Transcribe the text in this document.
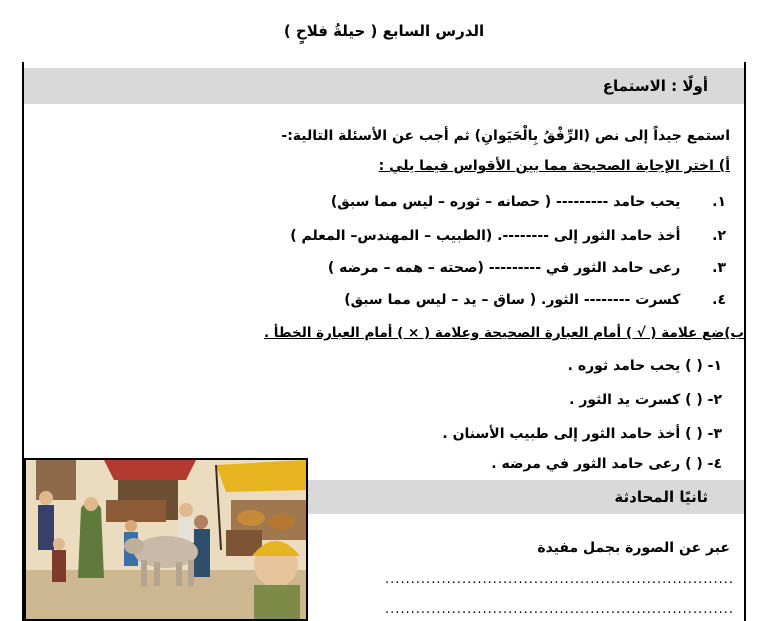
الدرس السابع ( حيلةُ فلاحٍ )
أولًا : الاستماع
استمع جيداً إلى نص (الرِّفْقُ بِالْحَيَوانِ) ثم أجب عن الأسئلة التالية:-
أ) اختر الإجابة الصحيحة مما بين الأقواس فيما يلي :
١.  يحب حامد --------- ( حصانه – ثوره – ليس مما سبق)
٢.  أخذ حامد الثور إلى --------. (الطبيب – المهندس– المعلم )
٣.  رعى حامد الثور في --------- (صحته – همه – مرضه )
٤.  كسرت -------- الثور. ( ساق – يد – ليس مما سبق)
ب)ضع علامة ( √ ) أمام العبارة الصحيحة وعلامة ( × ) أمام العبارة الخطأ .
١- ( ) يحب حامد ثوره .
٢- ( ) كسرت يد الثور .
٣- ( ) أخذ حامد الثور إلى طبيب الأسنان .
٤- ( ) رعى حامد الثور في مرضه .
ثانيًا المحادثة
عبر عن الصورة بجمل مفيدة
....................................................................
....................................................................
